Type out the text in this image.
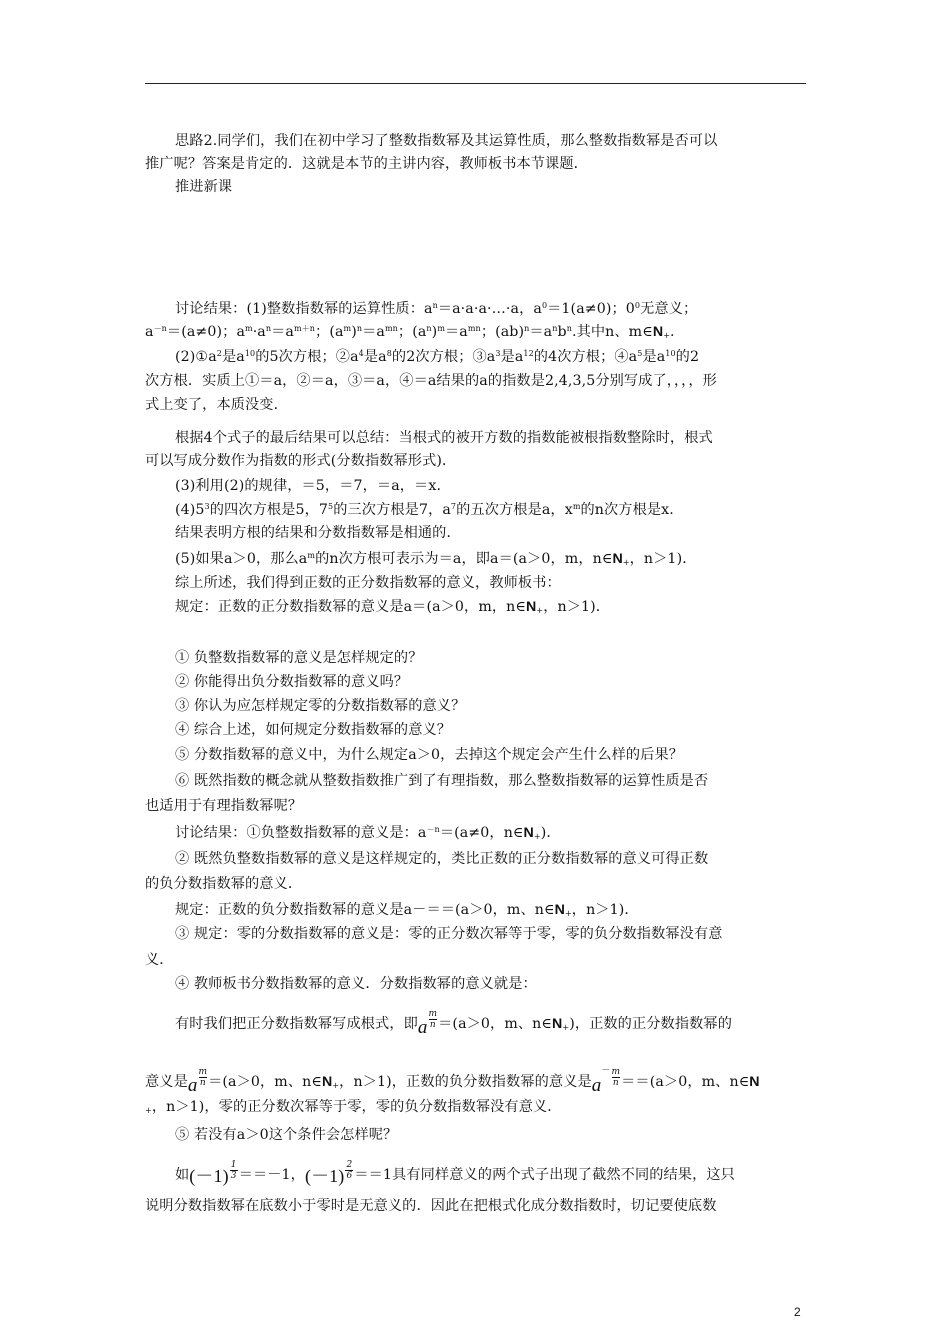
思路2.同学们，我们在初中学习了整数指数幂及其运算性质，那么整数指数幂是否可以
推广呢？答案是肯定的．这就是本节的主讲内容，教师板书本节课题．
推进新课
讨论结果：(1)整数指数幂的运算性质：$a^n=a\cdot a\cdot a\cdot\dots\cdot a$，$a^0=1(a\ne 0)$；$0^0$无意义；
$a^{-n}=(a\ne 0)$；$a^m\cdot a^n=a^{m+n}$；$(a^m)^n=a^{mn}$；$(a^n)^m=a^{mn}$；$(ab)^n=a^nb^n$.其中n、$m\in N_+$.
$(2)①a^2$是$a^{10}$的5次方根；$②a^4$是$a^8$的2次方根；$③a^3$是$a^{12}$的4次方根；$④a^5$是$a^{10}$的2
次方根．实质上①＝a，②＝a，③＝a，④＝a结果的a的指数是2,4,3,5分别写成了，，，，形
式上变了，本质没变．
根据4个式子的最后结果可以总结：当根式的被开方数的指数能被根指数整除时，根式
可以写成分数作为指数的形式(分数指数幂形式)．
(3)利用(2)的规律，＝5，＝7，＝a，＝x.
$(4)5^3$的四次方根是5，$7^5$的三次方根是7，$a^7$的五次方根是a，$x^m$的n次方根是x.
结果表明方根的结果和分数指数幂是相通的．
(5)如果a＞0，那么$a^m$的n次方根可表示为＝a，即a＝(a＞0，m，$n\in N_+$，n＞1)．
综上所述，我们得到正数的正分数指数幂的意义，教师板书：
规定：正数的正分数指数幂的意义是a＝(a＞0，m，$n\in N_+$，n＞1)．
① 负整数指数幂的意义是怎样规定的？
② 你能得出负分数指数幂的意义吗？
③ 你认为应怎样规定零的分数指数幂的意义？
④ 综合上述，如何规定分数指数幂的意义？
⑤ 分数指数幂的意义中，为什么规定a＞0，去掉这个规定会产生什么样的后果？
⑥ 既然指数的概念就从整数指数推广到了有理指数，那么整数指数幂的运算性质是否
也适用于有理指数幂呢？
讨论结果：①负整数指数幂的意义是：$a^{-n}=(a\ne 0$，$n\in N_+$)．
② 既然负整数指数幂的意义是这样规定的，类比正数的正分数指数幂的意义可得正数
的负分数指数幂的意义．
规定：正数的负分数指数幂的意义是a－＝＝(a＞0，m、$n\in N_+$，n＞1)．
③ 规定：零的分数指数幂的意义是：零的正分数次幂等于零，零的负分数指数幂没有意
义．
④ 教师板书分数指数幂的意义．分数指数幂的意义就是：
有时我们把正分数指数幂写成根式，即a $\frac{m}{n} =(a>0$，m、$n\in N_+$)，正数的正分数指数幂的
意义是a $\frac{m}{n} =(a>0$，m、$n\in N_+$，n＞1)，正数的负分数指数幂的意义是$a^- \frac{m}{n} ==(a>0$，m、n∈N
$_+$，n＞1)，零的正分数次幂等于零，零的负分数指数幂没有意义．
⑤ 若没有a＞0这个条件会怎样呢？
如$(-1) \frac{1}{3} ==-1$，$(-1) \frac{2}{6} ==1$具有同样意义的两个式子出现了截然不同的结果，这只
说明分数指数幂在底数小于零时是无意义的．因此在把根式化成分数指数时，切记要使底数
2
